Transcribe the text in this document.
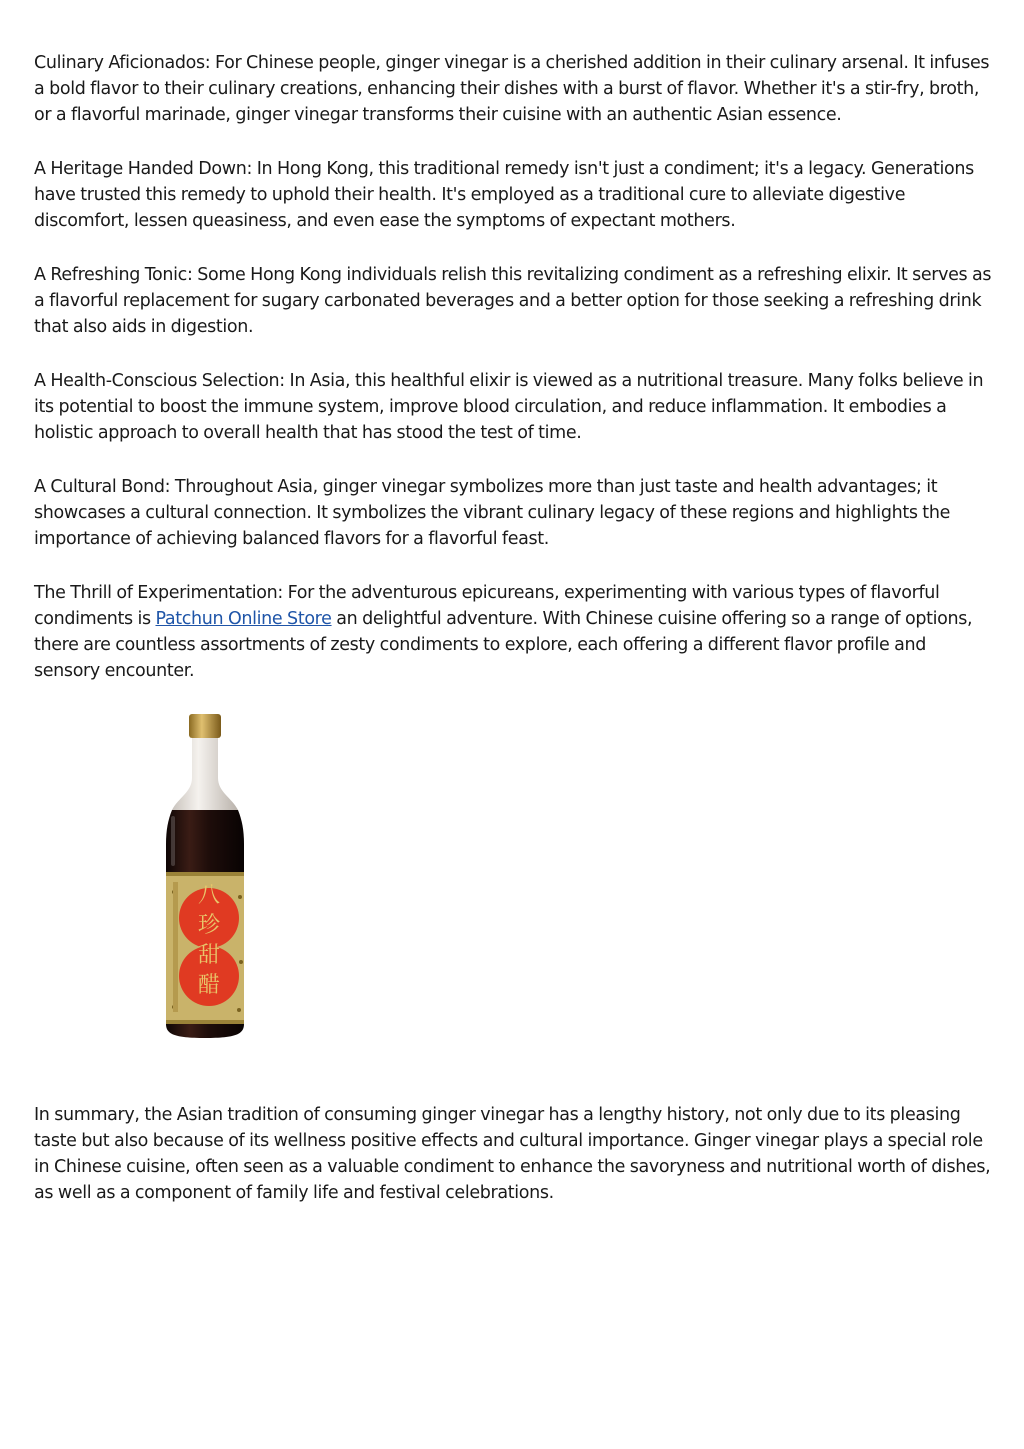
Culinary Aficionados: For Chinese people, ginger vinegar is a cherished addition in their culinary arsenal. It infuses a bold flavor to their culinary creations, enhancing their dishes with a burst of flavor. Whether it's a stir-fry, broth, or a flavorful marinade, ginger vinegar transforms their cuisine with an authentic Asian essence.

A Heritage Handed Down: In Hong Kong, this traditional remedy isn't just a condiment; it's a legacy. Generations have trusted this remedy to uphold their health. It's employed as a traditional cure to alleviate digestive discomfort, lessen queasiness, and even ease the symptoms of expectant mothers.

A Refreshing Tonic: Some Hong Kong individuals relish this revitalizing condiment as a refreshing elixir. It serves as a flavorful replacement for sugary carbonated beverages and a better option for those seeking a refreshing drink that also aids in digestion.

A Health-Conscious Selection: In Asia, this healthful elixir is viewed as a nutritional treasure. Many folks believe in its potential to boost the immune system, improve blood circulation, and reduce inflammation. It embodies a holistic approach to overall health that has stood the test of time.

A Cultural Bond: Throughout Asia, ginger vinegar symbolizes more than just taste and health advantages; it showcases a cultural connection. It symbolizes the vibrant culinary legacy of these regions and highlights the importance of achieving balanced flavors for a flavorful feast.

The Thrill of Experimentation: For the adventurous epicureans, experimenting with various types of flavorful condiments is Patchun Online Store an delightful adventure. With Chinese cuisine offering so a range of options, there are countless assortments of zesty condiments to explore, each offering a different flavor profile and sensory encounter.

八珍甜醋

In summary, the Asian tradition of consuming ginger vinegar has a lengthy history, not only due to its pleasing taste but also because of its wellness positive effects and cultural importance. Ginger vinegar plays a special role in Chinese cuisine, often seen as a valuable condiment to enhance the savoryness and nutritional worth of dishes, as well as a component of family life and festival celebrations.
